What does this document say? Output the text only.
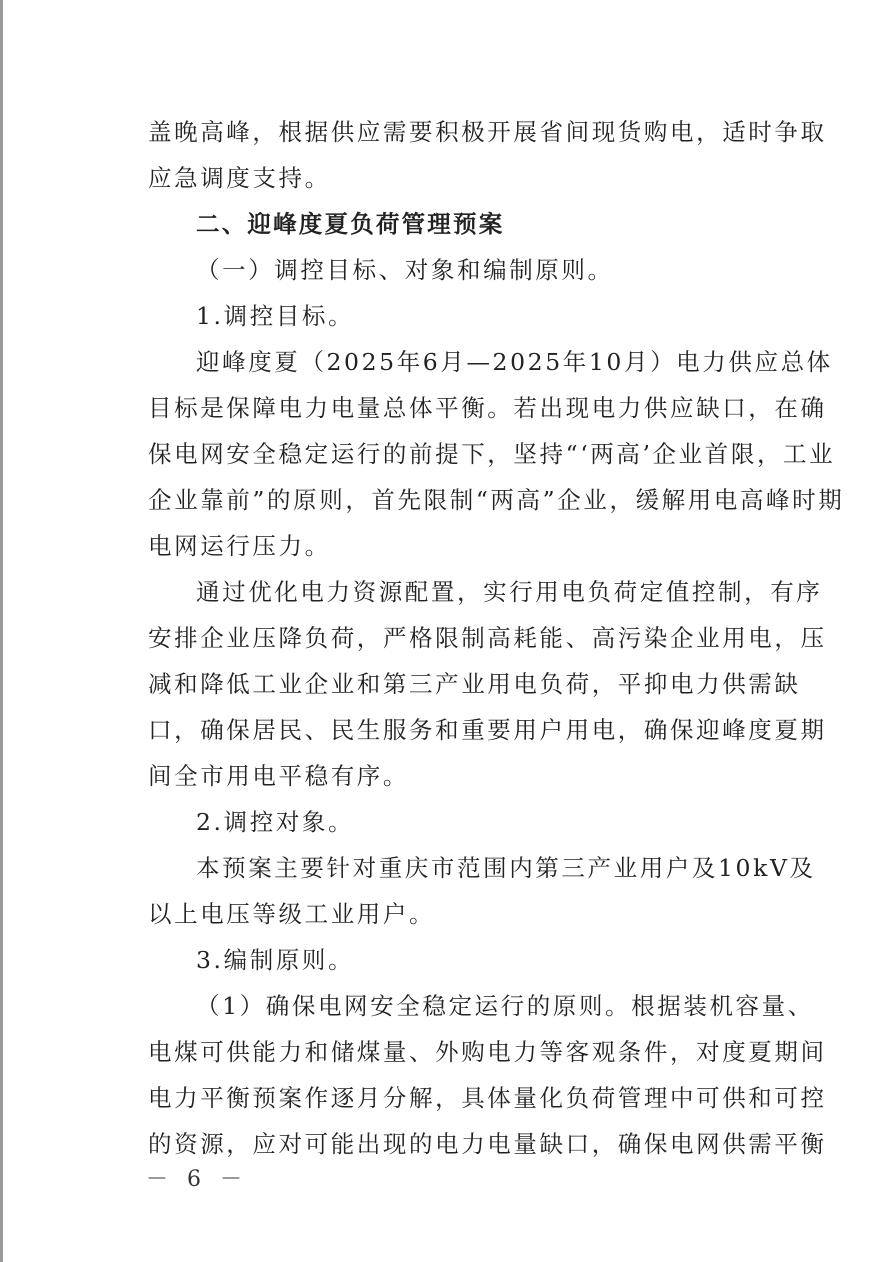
盖晚高峰，根据供应需要积极开展省间现货购电，适时争取
应急调度支持。
二、迎峰度夏负荷管理预案
（一）调控目标、对象和编制原则。
1.调控目标。
迎峰度夏（2025年6月—2025年10月）电力供应总体
目标是保障电力电量总体平衡。若出现电力供应缺口，在确
保电网安全稳定运行的前提下，坚持“‘两高’企业首限，工业
企业靠前”的原则，首先限制“两高”企业，缓解用电高峰时期
电网运行压力。
通过优化电力资源配置，实行用电负荷定值控制，有序
安排企业压降负荷，严格限制高耗能、高污染企业用电，压
减和降低工业企业和第三产业用电负荷，平抑电力供需缺
口，确保居民、民生服务和重要用户用电，确保迎峰度夏期
间全市用电平稳有序。
2.调控对象。
本预案主要针对重庆市范围内第三产业用户及10kV及
以上电压等级工业用户。
3.编制原则。
（1）确保电网安全稳定运行的原则。根据装机容量、
电煤可供能力和储煤量、外购电力等客观条件，对度夏期间
电力平衡预案作逐月分解，具体量化负荷管理中可供和可控
的资源，应对可能出现的电力电量缺口，确保电网供需平衡
－ 6 －
